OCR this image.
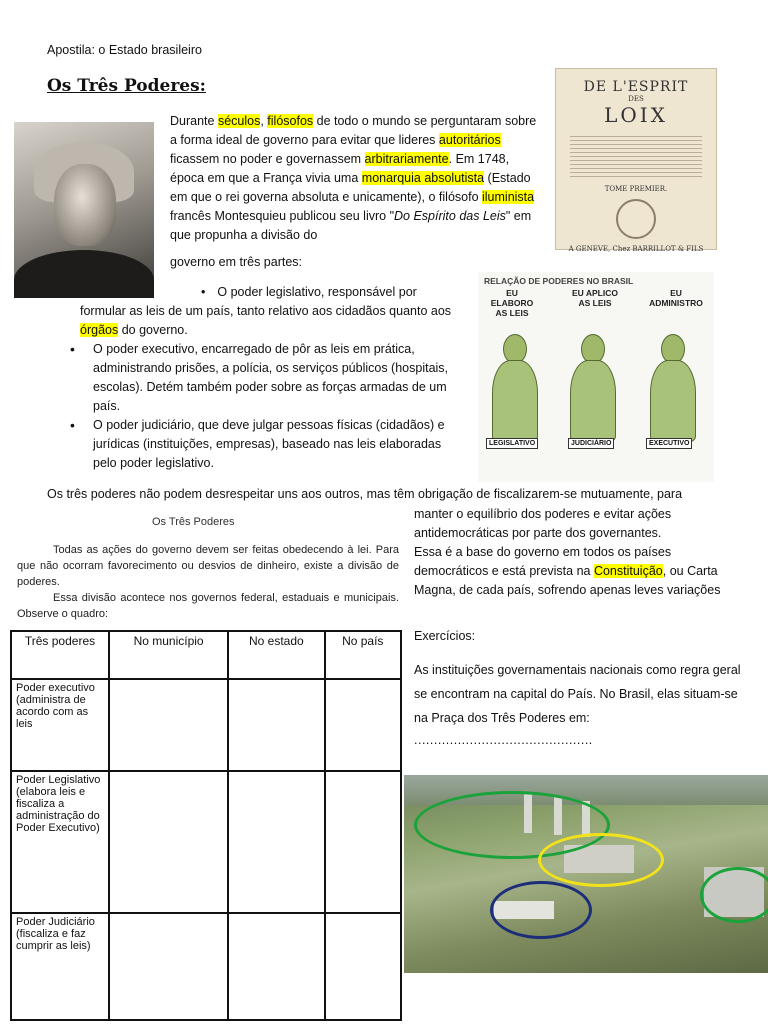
Apostila: o Estado brasileiro
Os Três Poderes:	DE L'ESPRIT
DES
LOIX
TOME PREMIER.
A GENEVE, Chez BARRILLOT & FILS
Durante séculos, filósofos de todo o mundo se perguntaram sobre a forma ideal de governo para evitar que lideres autoritários ficassem no poder e governassem arbitrariamente. Em 1748, época em que a França vivia uma monarquia absolutista (Estado em que o rei governa absoluta e unicamente), o filósofo iluminista francês Montesquieu publicou seu livro "Do Espírito das Leis" em que propunha a divisão do
governo em três partes:
• O poder legislativo, responsável por
formular as leis de um país, tanto relativo aos cidadãos quanto aos órgãos do governo.
• O poder executivo, encarregado de pôr as leis em prática, administrando prisões, a polícia, os serviços públicos (hospitais, escolas). Detém também poder sobre as forças armadas de um país.
• O poder judiciário, que deve julgar pessoas físicas (cidadãos) e jurídicas (instituições, empresas), baseado nas leis elaboradas pelo poder legislativo.
RELAÇÃO DE PODERES NO BRASIL
EU ELABORO AS LEIS
EU APLICO AS LEIS
EU ADMINISTRO
LEGISLATIVO	JUDICIÁRIO	EXECUTIVO
Os três poderes não podem desrespeitar uns aos outros, mas têm obrigação de fiscalizarem-se mutuamente, para
manter o equilíbrio dos poderes e evitar ações antidemocráticas por parte dos governantes.
Essa é a base do governo em todos os países democráticos e está prevista na Constituição, ou Carta Magna, de cada país, sofrendo apenas leves variações
Os Três Poderes
Todas as ações do governo devem ser feitas obedecendo à lei. Para que não ocorram favorecimento ou desvios de dinheiro, existe a divisão de poderes.
Essa divisão acontece nos governos federal, estaduais e municipais. Observe o quadro:
Três poderes	No município	No estado	No país
Poder executivo (administra de acordo com as leis			
Poder Legislativo (elabora leis e fiscaliza a administração do Poder Executivo)			
Poder Judiciário (fiscaliza e faz cumprir as leis)			
Exercícios:
As instituições governamentais nacionais como regra geral se encontram na capital do País. No Brasil, elas situam-se na Praça dos Três Poderes em:
.............................................
